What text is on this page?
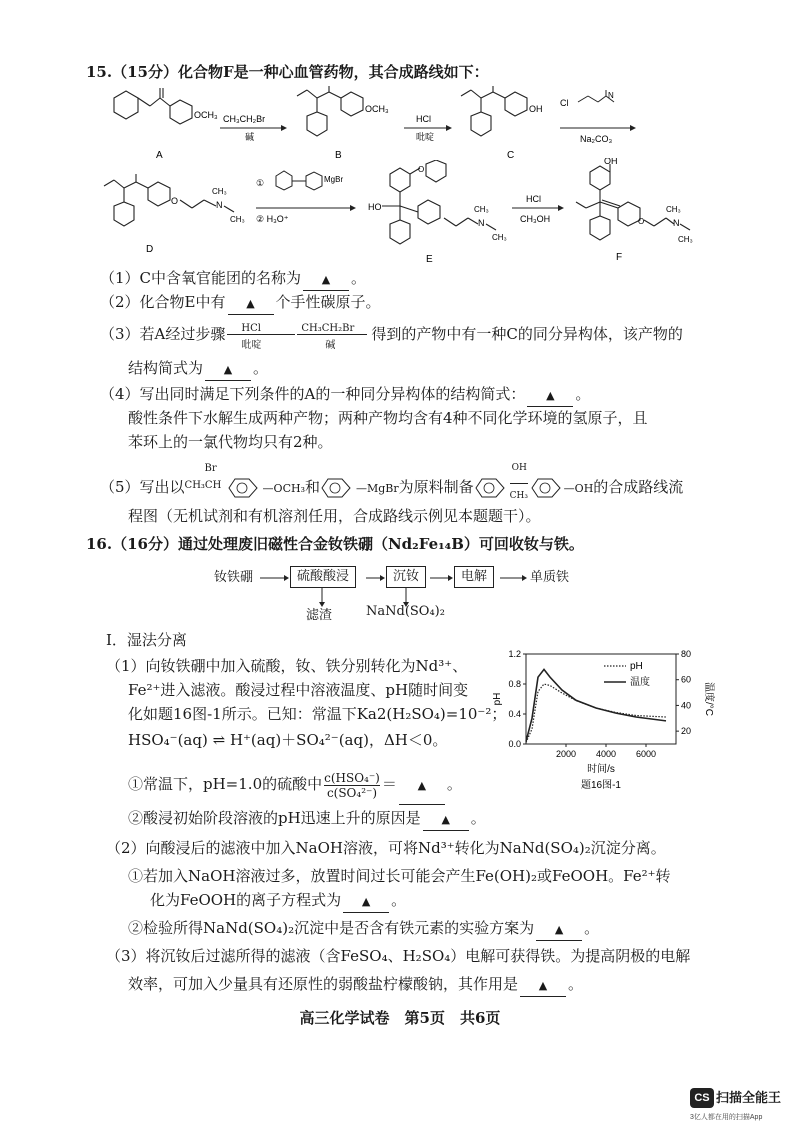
15.（15分）化合物F是一种心血管药物，其合成路线如下：
OCH₃
A
CH₃CH₂Br
碱
OCH₃
B
HCl
吡啶
OH
C
Cl
N
Na₂CO₃
O	N
CH₃
CH₃
D
①	MgBr
② H₃O⁺
HO
O
N
CH₃
CH₃
E
HCl
CH₃OH
OH
O	N
CH₃
CH₃
F
（1）C中含氧官能团的名称为 ▲ 。
（2）化合物E中有 ▲ 个手性碳原子。
（3）若A经过步骤 HCl
吡啶
CH₃CH₂Br
碱
得到的产物中有一种C的同分异构体，该产物的
结构简式为 ▲ 。
（4）写出同时满足下列条件的A的一种同分异构体的结构简式： ▲ 。
酸性条件下水解生成两种产物；两种产物均含有4种不同化学环境的氢原子，且
苯环上的一氯代物均只有2种。
（5）写出以
Br
CH₃CH	—OCH₃和	—MgBr为原料制备	$\frac{OH}{\text{CH₃}}$	—OH的合成路线流
程图（无机试剂和有机溶剂任用，合成路线示例见本题题干）。
16.（16分）通过处理废旧磁性合金钕铁硼（Nd₂Fe₁₄B）可回收钕与铁。
钕铁硼	硫酸酸浸	沉钕	电解	单质铁
滤渣	NaNd(SO₄)₂
I．湿法分离
（1）向钕铁硼中加入硫酸，钕、铁分别转化为Nd³⁺、
Fe²⁺进入滤液。酸浸过程中溶液温度、pH随时间变
化如题16图-1所示。已知：常温下Ka2(H₂SO₄)=10⁻²；
HSO₄⁻(aq) ⇌ H⁺(aq)＋SO₄²⁻(aq)，ΔH＜0。
①常温下，pH=1.0的硫酸中 $\frac{\text{c(HSO₄⁻)}}{\text{c(SO₄²⁻)}}$ ＝ ▲ 。
②酸浸初始阶段溶液的pH迅速上升的原因是 ▲ 。
（2）向酸浸后的滤液中加入NaOH溶液，可将Nd³⁺转化为NaNd(SO₄)₂沉淀分离。
①若加入NaOH溶液过多，放置时间过长可能会产生Fe(OH)₂或FeOOH。Fe²⁺转
化为FeOOH的离子方程式为 ▲ 。
②检验所得NaNd(SO₄)₂沉淀中是否含有铁元素的实验方案为 ▲ 。
（3）将沉钕后过滤所得的滤液（含FeSO₄、H₂SO₄）电解可获得铁。为提高阴极的电解
效率，可加入少量具有还原性的弱酸盐柠檬酸钠，其作用是 ▲ 。
0.0
0.4
0.8
1.2
20
40
60
80
2000 4000 6000
pH
温度
pH	温度/°C
时间/s
题16图-1
高三化学试卷　第5页　共6页
CS 扫描全能王
3亿人都在用的扫描App
